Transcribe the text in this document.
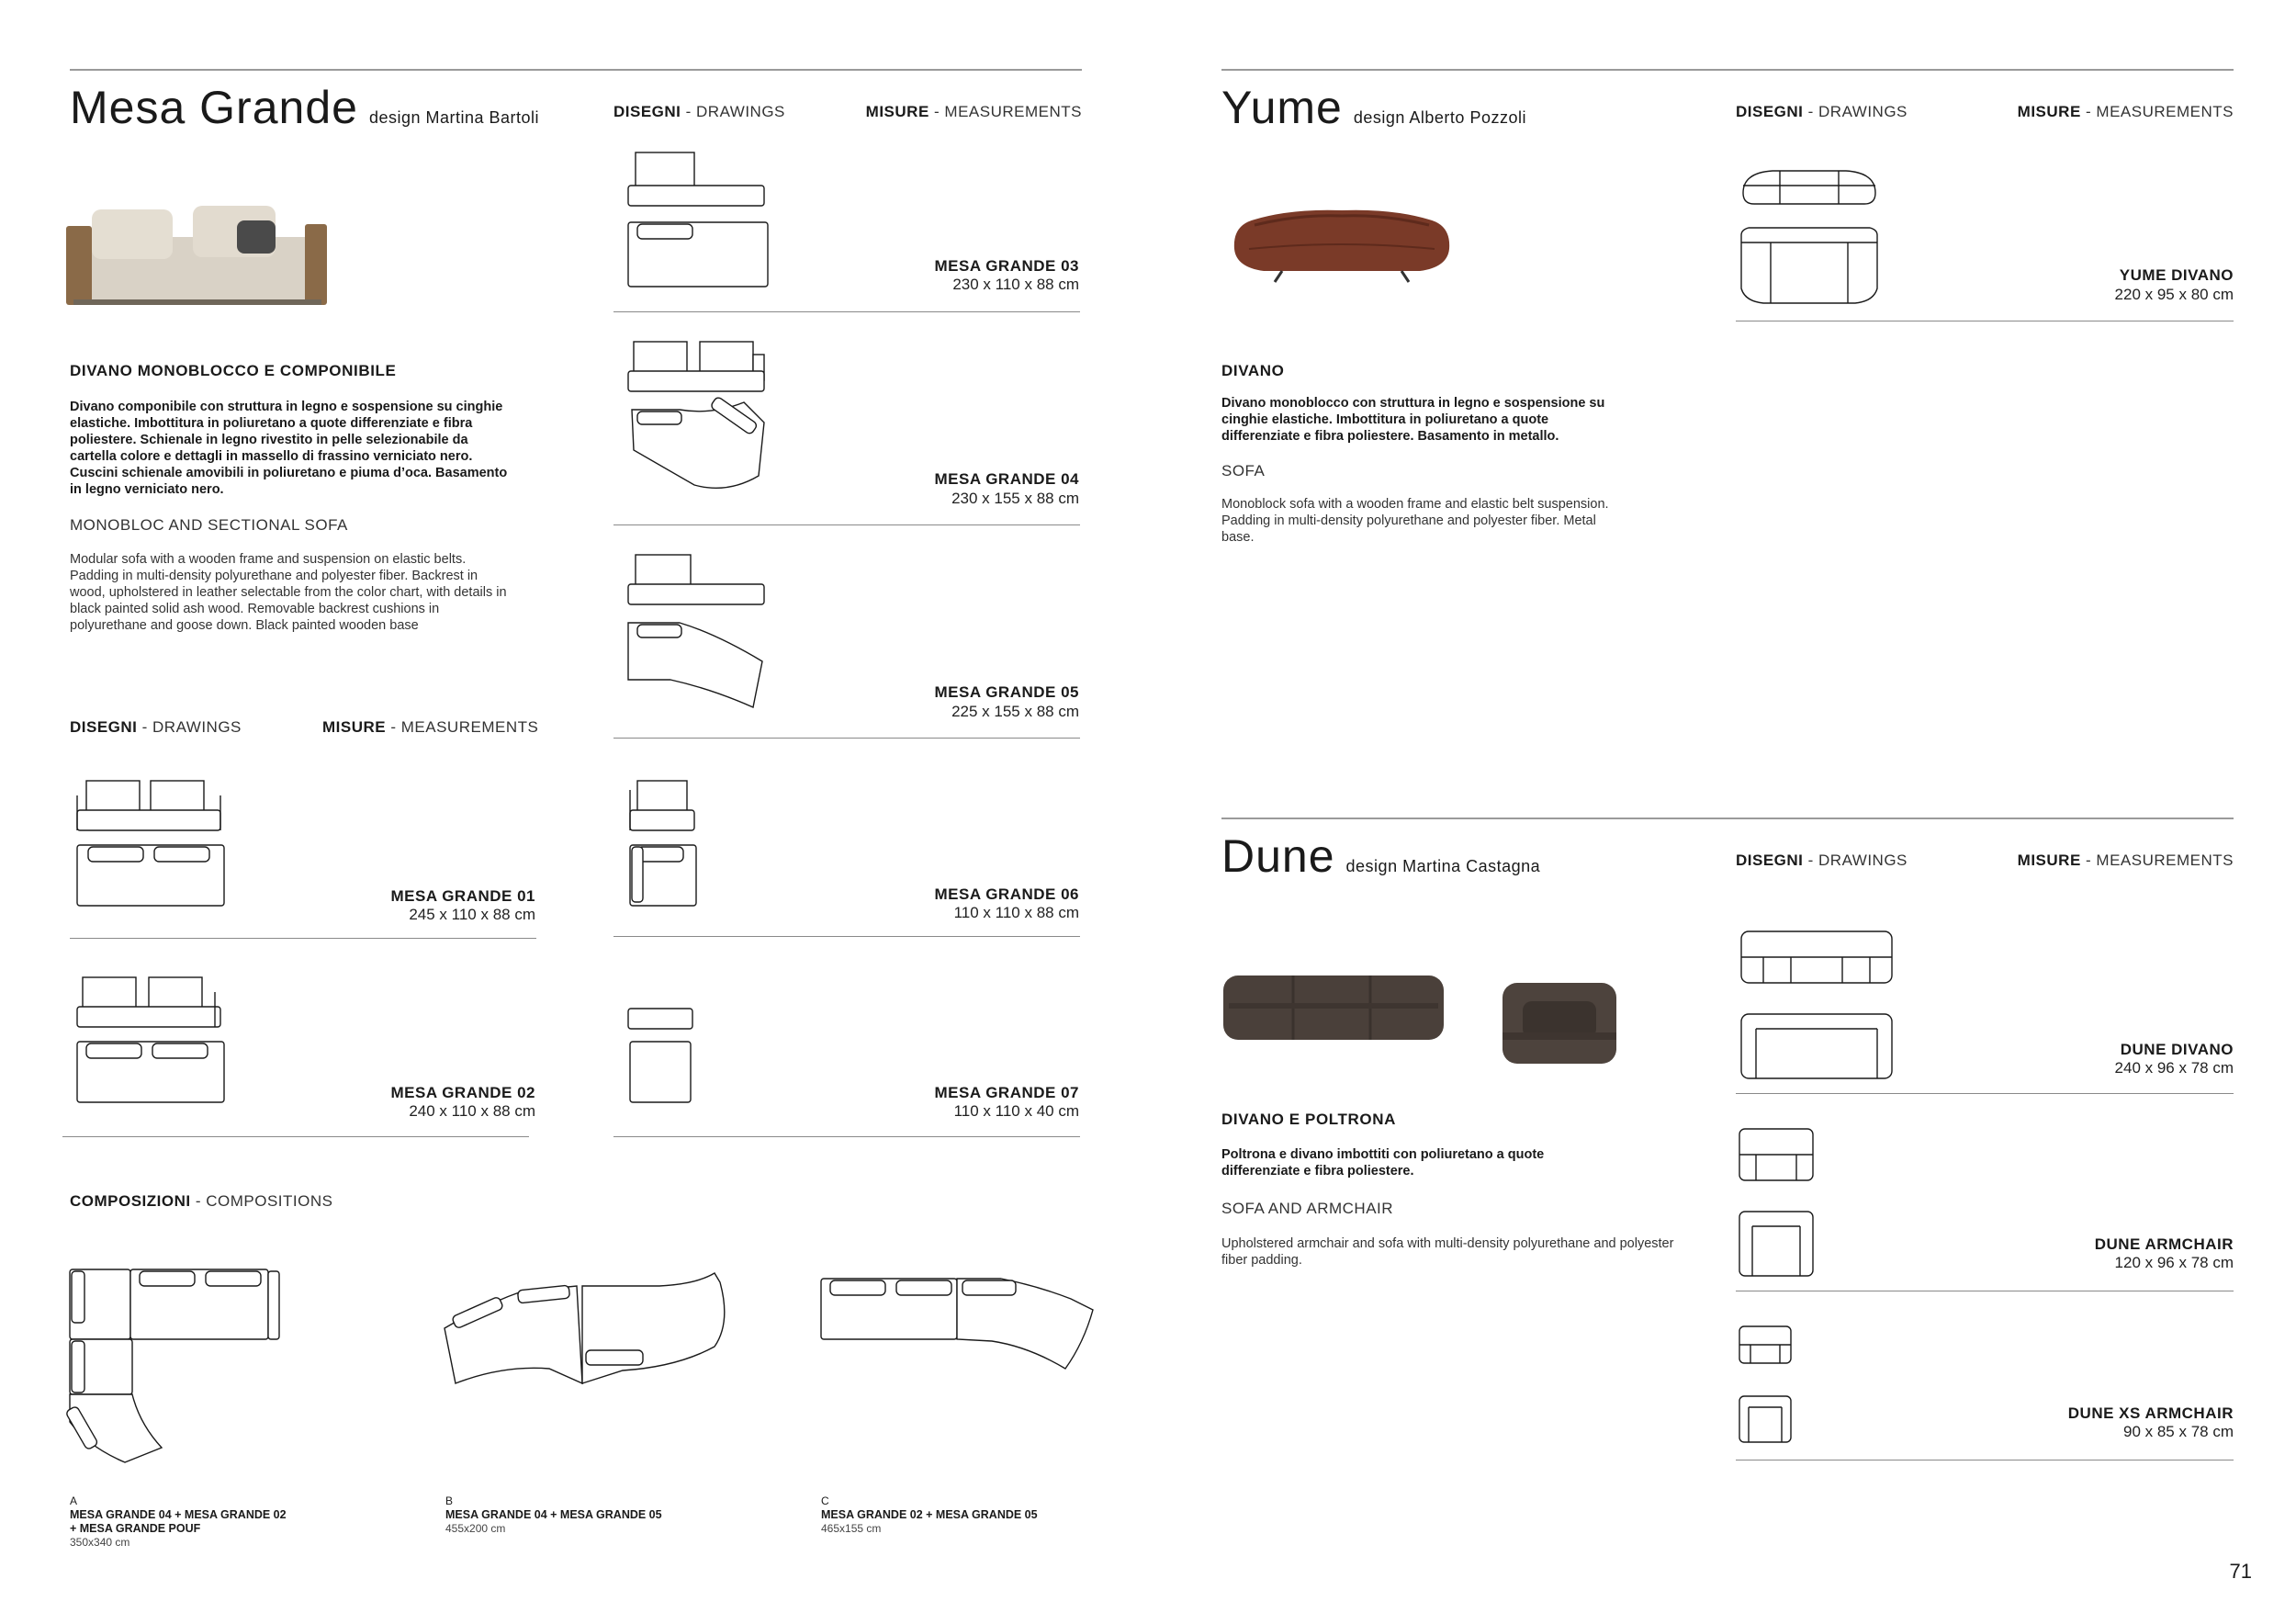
Mesa Grande design Martina Bartoli	DISEGNI - DRAWINGS	MISURE - MEASUREMENTS
DIVANO MONOBLOCCO E COMPONIBILE
Divano componibile con struttura in legno e sospensione su cinghie elastiche. Imbottitura in poliuretano a quote differenziate e fibra poliestere. Schienale in legno rivestito in pelle selezionabile da cartella colore e dettagli in massello di frassino verniciato nero. Cuscini schienale amovibili in poliuretano e piuma d’oca. Basamento in legno verniciato nero.
MONOBLOC AND SECTIONAL SOFA
Modular sofa with a wooden frame and suspension on elastic belts. Padding in multi-density polyurethane and polyester fiber. Backrest in wood, upholstered in leather selectable from the color chart, with details in black painted solid ash wood. Removable backrest cushions in polyurethane and goose down. Black painted wooden base
DISEGNI - DRAWINGS	MISURE - MEASUREMENTS
MESA GRANDE 03
230 x 110 x 88 cm
MESA GRANDE 04
230 x 155 x 88 cm
MESA GRANDE 05
225 x 155 x 88 cm
MESA GRANDE 01
245 x 110 x 88 cm
MESA GRANDE 06
110 x 110 x 88 cm
MESA GRANDE 02
240 x 110 x 88 cm
MESA GRANDE 07
110 x 110 x 40 cm
COMPOSIZIONI - COMPOSITIONS
A
MESA GRANDE 04 + MESA GRANDE 02
+ MESA GRANDE POUF
350x340 cm
B
MESA GRANDE 04 + MESA GRANDE 05
455x200 cm
C
MESA GRANDE 02 + MESA GRANDE 05
465x155 cm
Yume design Alberto Pozzoli	DISEGNI - DRAWINGS	MISURE - MEASUREMENTS
DIVANO
Divano monoblocco con struttura in legno e sospensione su cinghie elastiche. Imbottitura in poliuretano a quote differenziate e fibra poliestere. Basamento in metallo.
SOFA
Monoblock sofa with a wooden frame and elastic belt suspension. Padding in multi-density polyurethane and polyester fiber. Metal base.
YUME DIVANO
220 x 95 x 80 cm
Dune design Martina Castagna	DISEGNI - DRAWINGS	MISURE - MEASUREMENTS
DIVANO E POLTRONA
Poltrona e divano imbottiti con poliuretano a quote differenziate e fibra poliestere.
SOFA AND ARMCHAIR
Upholstered armchair and sofa with multi-density polyurethane and polyester fiber padding.
DUNE DIVANO
240 x 96 x 78 cm
DUNE ARMCHAIR
120 x 96 x 78 cm
DUNE XS ARMCHAIR
90 x 85 x 78 cm
71
